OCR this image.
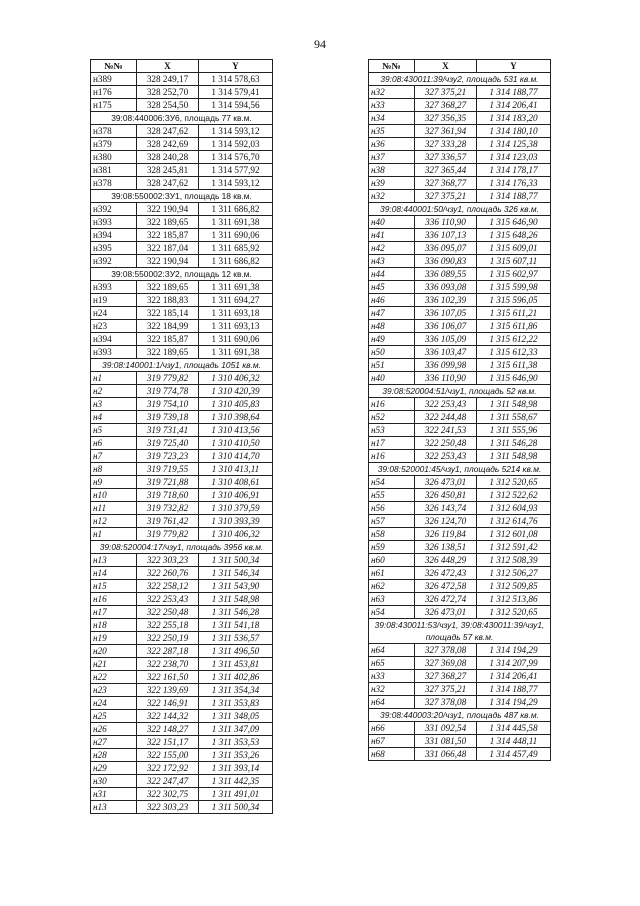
94
№№	X	Y
н389	328 249,17	1 314 578,63
н176	328 252,70	1 314 579,41
н175	328 254,50	1 314 594,56
39:08:440006:ЗУ6, площадь 77 кв.м.		
н378	328 247,62	1 314 593,12
н379	328 242,69	1 314 592,03
н380	328 240,28	1 314 576,70
н381	328 245,81	1 314 577,92
н378	328 247,62	1 314 593,12
39:08:550002:ЗУ1, площадь 18 кв.м.		
н392	322 190,94	1 311 686,82
н393	322 189,65	1 311 691,38
н394	322 185,87	1 311 690,06
н395	322 187,04	1 311 685,92
н392	322 190,94	1 311 686,82
39:08:550002:ЗУ2, площадь 12 кв.м.		
н393	322 189,65	1 311 691,38
н19	322 188,83	1 311 694,27
н24	322 185,14	1 311 693,18
н23	322 184,99	1 311 693,13
н394	322 185,87	1 311 690,06
н393	322 189,65	1 311 691,38
39:08:140001:1/чзу1, площадь 1051 кв.м.		
н1	319 779,82	1 310 406,32
н2	319 774,78	1 310 420,39
н3	319 754,10	1 310 405,83
н4	319 739,18	1 310 398,64
н5	319 731,41	1 310 413,56
н6	319 725,40	1 310 410,50
н7	319 723,23	1 310 414,70
н8	319 719,55	1 310 413,11
н9	319 721,88	1 310 408,61
н10	319 718,60	1 310 406,91
н11	319 732,82	1 310 379,59
н12	319 761,42	1 310 393,39
н1	319 779,82	1 310 406,32
39:08:520004:17/чзу1, площадь 3956 кв.м.		
н13	322 303,23	1 311 500,34
н14	322 260,76	1 311 546,34
н15	322 258,12	1 311 543,90
н16	322 253,43	1 311 548,98
н17	322 250,48	1 311 546,28
н18	322 255,18	1 311 541,18
н19	322 250,19	1 311 536,57
н20	322 287,18	1 311 496,50
н21	322 238,70	1 311 453,81
н22	322 161,50	1 311 402,86
н23	322 139,69	1 311 354,34
н24	322 146,91	1 311 353,83
н25	322 144,32	1 311 348,05
н26	322 148,27	1 311 347,09
н27	322 151,17	1 311 353,53
н28	322 155,00	1 311 353,26
н29	322 172,92	1 311 393,14
н30	322 247,47	1 311 442,35
н31	322 302,75	1 311 491,01
н13	322 303,23	1 311 500,34
№№	X	Y
39:08:430011:39/чзу2, площадь 531 кв.м.		
н32	327 375,21	1 314 188,77
н33	327 368,27	1 314 206,41
н34	327 356,35	1 314 183,20
н35	327 361,94	1 314 180,10
н36	327 333,28	1 314 125,38
н37	327 336,57	1 314 123,03
н38	327 365,44	1 314 178,17
н39	327 368,77	1 314 176,33
н32	327 375,21	1 314 188,77
39:08:440001:50/чзу1, площадь 326 кв.м.		
н40	336 110,90	1 315 646,90
н41	336 107,13	1 315 648,26
н42	336 095,07	1 315 609,01
н43	336 090,83	1 315 607,11
н44	336 089,55	1 315 602,97
н45	336 093,08	1 315 599,98
н46	336 102,39	1 315 596,05
н47	336 107,05	1 315 611,21
н48	336 106,07	1 315 611,86
н49	336 105,09	1 315 612,22
н50	336 103,47	1 315 612,33
н51	336 099,98	1 315 611,38
н40	336 110,90	1 315 646,90
39:08:520004:51/чзу1, площадь 52 кв.м.		
н16	322 253,43	1 311 548,98
н52	322 244,48	1 311 558,67
н53	322 241,53	1 311 555,96
н17	322 250,48	1 311 546,28
н16	322 253,43	1 311 548,98
39:08:520001:45/чзу1, площадь 5214 кв.м.		
н54	326 473,01	1 312 520,65
н55	326 450,81	1 312 522,62
н56	326 143,74	1 312 604,93
н57	326 124,70	1 312 614,76
н58	326 119,84	1 312 601,08
н59	326 138,51	1 312 591,42
н60	326 448,29	1 312 508,39
н61	326 472,43	1 312 506,27
н62	326 472,58	1 312 509,85
н63	326 472,74	1 312 513,86
н54	326 473,01	1 312 520,65
39:08:430011:53/чзу1, 39:08:430011:39/чзу1, площадь 57 кв.м.		
н64	327 378,08	1 314 194,29
н65	327 369,08	1 314 207,99
н33	327 368,27	1 314 206,41
н32	327 375,21	1 314 188,77
н64	327 378,08	1 314 194,29
39:08:440003:20/чзу1, площадь 487 кв.м.		
н66	331 092,54	1 314 445,58
н67	331 081,50	1 314 448,11
н68	331 066,48	1 314 457,49
